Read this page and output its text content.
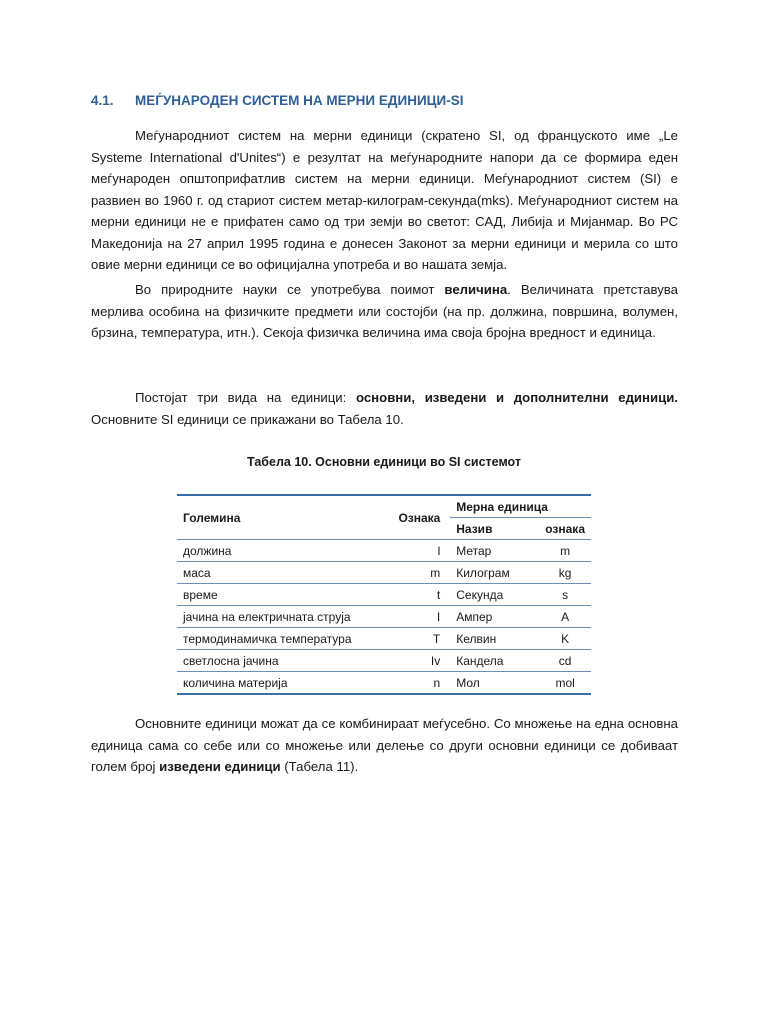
4.1. МЕЃУНАРОДЕН СИСТЕМ НА МЕРНИ ЕДИНИЦИ-SI

Меѓународниот систем на мерни единици (скратено SI, од францускoто име „Le Systeme International d'Unites“) е резултат на меѓународните напори да се формира еден меѓународен општоприфатлив систем на мерни единици. Меѓународниот систем (SI) е развиен во 1960 г. од стариот систем метар-килограм-секунда(mks). Меѓународниот систем на мерни единици не е прифатен само од три земји во светот: САД, Либија и Мијанмар. Во РС Македонија на 27 април 1995 година е донесен Законот за мерни единици и мерила со што овие мерни единици се во официјална употреба и во нашата земја.

Во природните науки се употребува поимот величина. Величината претставува мерлива особина на физичките предмети или состојби (на пр. должина, површина, волумен, брзина, температура, итн.). Секоја физичка величина има своја бројна вредност и единица.

Постојат три вида на единици: основни, изведени и дополнителни единици. Основните SI единици се прикажани во Табела 10.

Табела 10. Основни единици во SI системот
Големина	Ознака	Мерна единица	
		Назив	ознака
должина	l	Метар	m
маса	m	Килограм	kg
време	t	Секунда	s
јачина на електричната струја	I	Ампер	A
термодинамичка температура	T	Келвин	K
светлосна јачина	Iv	Кандела	cd
количина материја	n	Мол	mol

Основните единици можат да се комбинираат меѓусебно. Со множење на една основна единица сама со себе или со множење или делење со други основни единици се добиваат голем број изведени единици (Табела 11).
